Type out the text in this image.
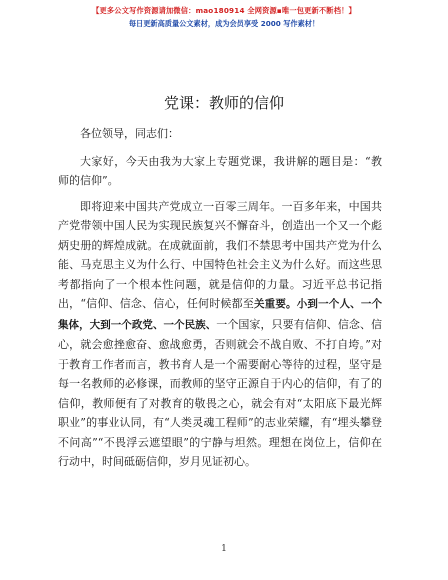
【更多公文写作资源请加微信：mao180914 全网资源▪唯一包更新不断档！】
每日更新高质量公文素材，成为会员享受 2000 写作素材！
党课：教师的信仰

各位领导，同志们：

大家好，今天由我为大家上专题党课，我讲解的题目是：“教师的信仰”。

即将迎来中国共产党成立一百零三周年。一百多年来，中国共产党带领中国人民为实现民族复兴不懈奋斗，创造出一个又一个彪炳史册的辉煌成就。在成就面前，我们不禁思考中国共产党为什么能、马克思主义为什么行、中国特色社会主义为什么好。而这些思考都指向了一个根本性问题，就是信仰的力量。习近平总书记指出，“信仰、信念、信心，任何时候都至关重要。小到一个人、一个集体，大到一个政党、一个民族、一个国家，只要有信仰、信念、信心，就会愈挫愈奋、愈战愈勇，否则就会不战自败、不打自垮。”对于教育工作者而言，教书育人是一个需要耐心等待的过程，坚守是每一名教师的必修课，而教师的坚守正源自于内心的信仰，有了的信仰，教师便有了对教育的敬畏之心，就会有对“太阳底下最光辉职业”的事业认同，有“人类灵魂工程师”的志业荣耀，有“埋头攀登不问高”“不畏浮云遮望眼”的宁静与坦然。理想在岗位上，信仰在行动中，时间砥砺信仰，岁月见证初心。

1
